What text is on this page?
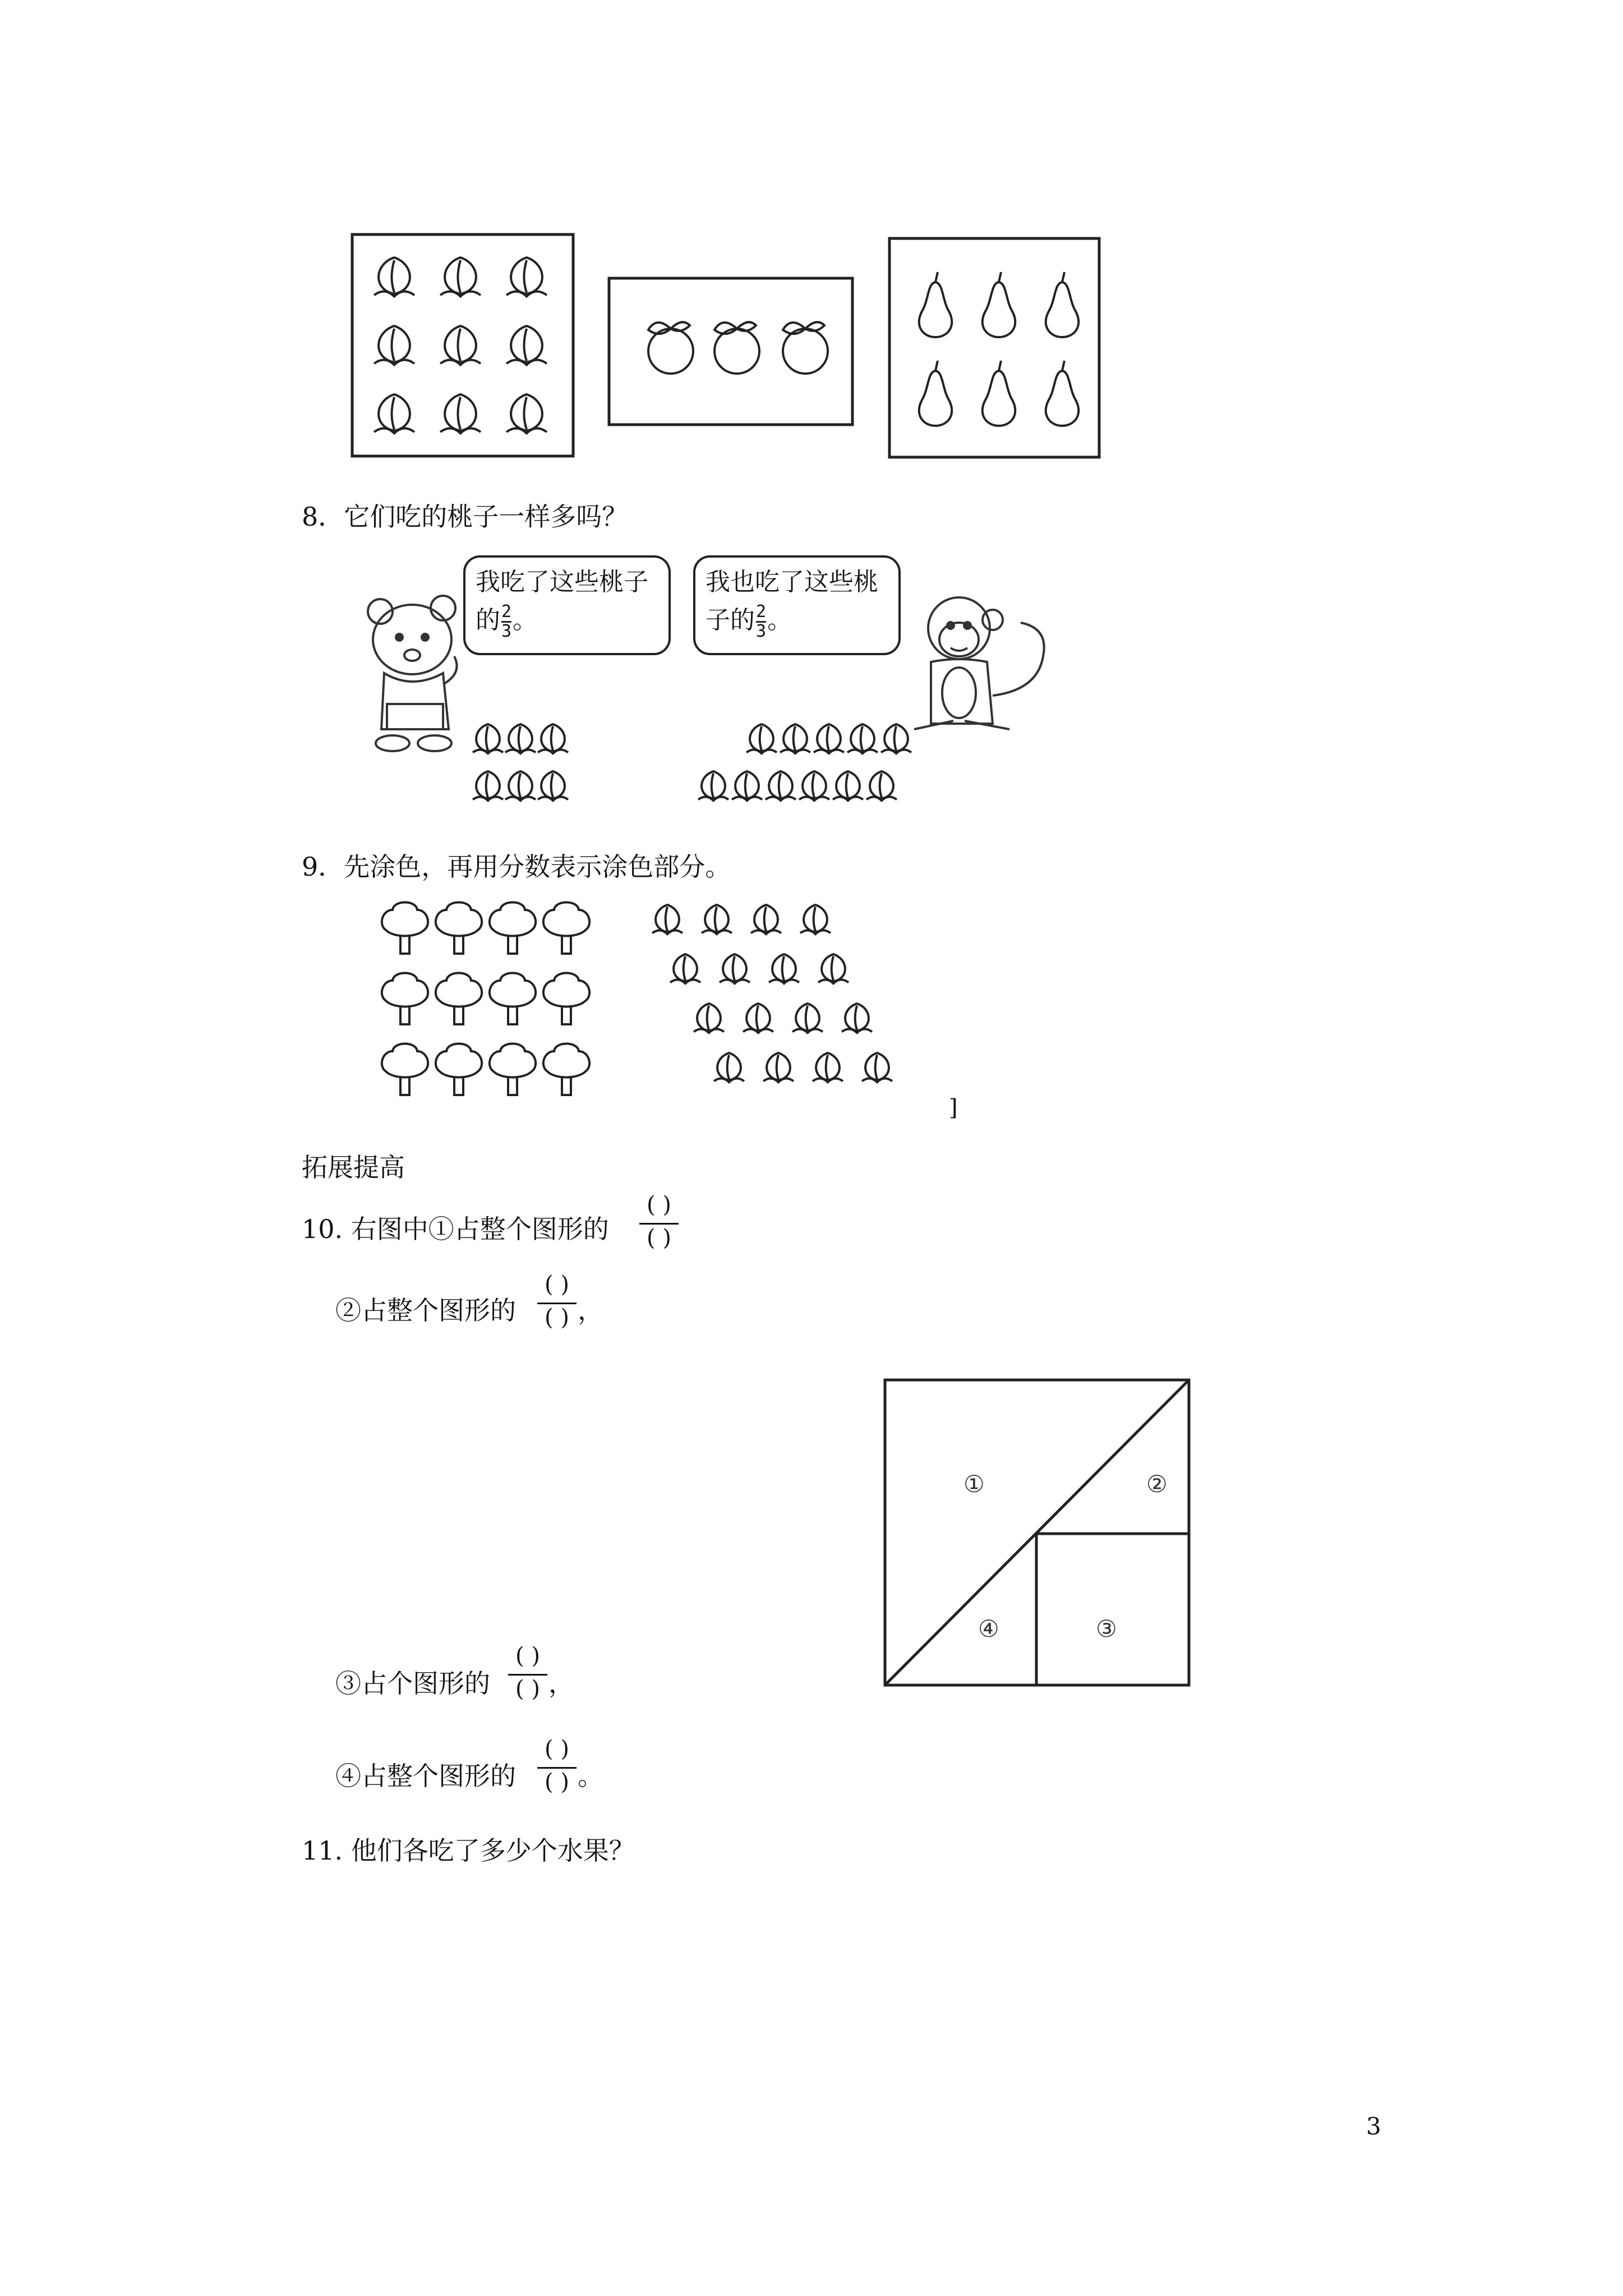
8．它们吃的桃子一样多吗？
我吃了这些桃子
的 $\frac{2}{3}$ 。
我也吃了这些桃
子的 $\frac{2}{3}$ 。
9．先涂色，再用分数表示涂色部分。
]
拓展提高
10. 右图中①占整个图形的
( )
( )
②占整个图形的
( )
( ) ，
③占个图形的
( )
( ) ，
④占整个图形的
( )
( ) 。
①	②
③
④
11. 他们各吃了多少个水果？
3
